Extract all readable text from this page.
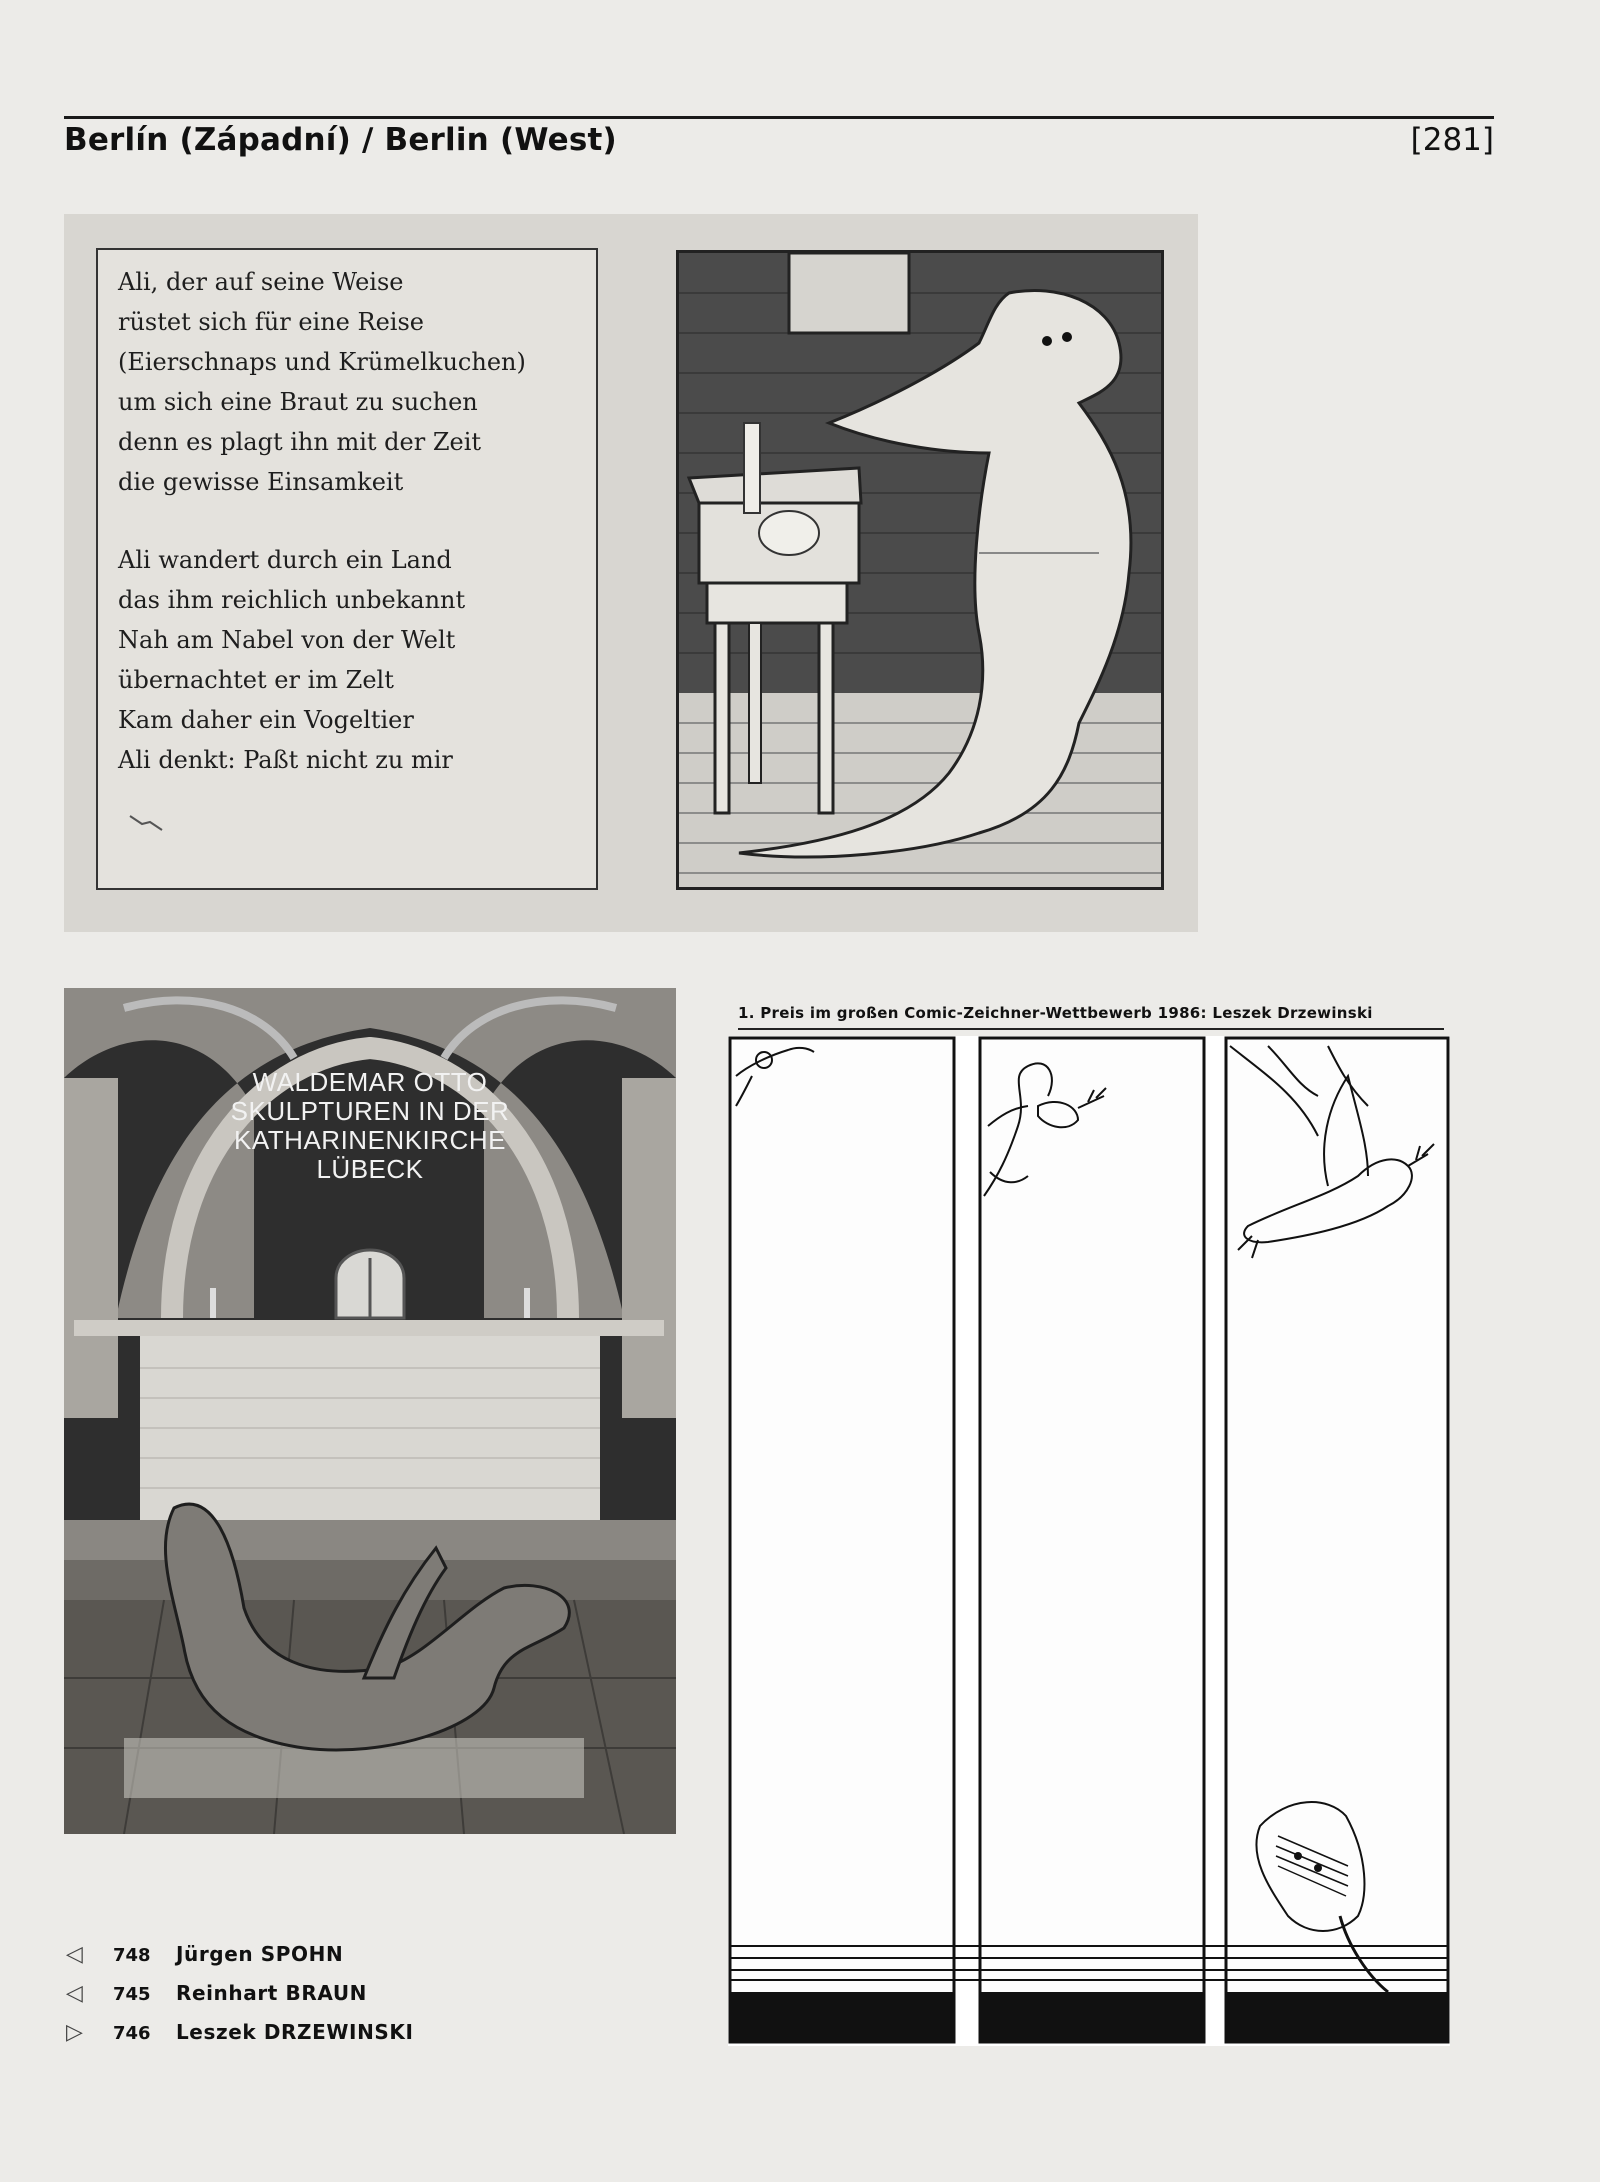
Berlín (Západní) / Berlin (West)	[281]

Ali, der auf seine Weise
rüstet sich für eine Reise
(Eierschnaps und Krümelkuchen)
um sich eine Braut zu suchen
denn es plagt ihn mit der Zeit
die gewisse Einsamkeit

Ali wandert durch ein Land
das ihm reichlich unbekannt
Nah am Nabel von der Welt
übernachtet er im Zelt
Kam daher ein Vogeltier
Ali denkt: Paßt nicht zu mir

WALDEMAR OTTO
SKULPTUREN IN DER
KATHARINENKIRCHE
LÜBECK
1. Preis im großen Comic-Zeichner-Wettbewerb 1986: Leszek Drzewinski
◁ 748 Jürgen SPOHN
◁ 745 Reinhart BRAUN
▷ 746 Leszek DRZEWINSKI
